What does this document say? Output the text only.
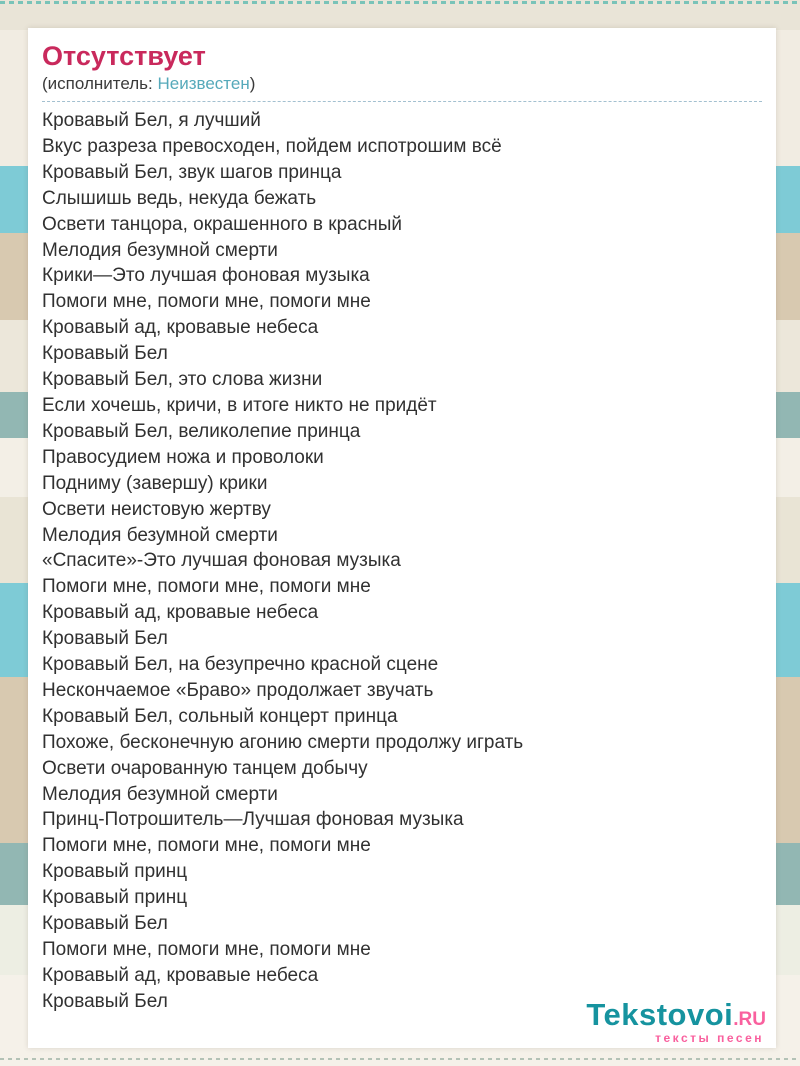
Отсутствует
(исполнитель: Неизвестен)
Кровавый Бел, я лучший
Вкус разреза превосходен, пойдем испотрошим всё
Кровавый Бел, звук шагов принца
Слышишь ведь, некуда бежать
Освети танцора, окрашенного в красный
Мелодия безумной смерти
Крики—Это лучшая фоновая музыка
Помоги мне, помоги мне, помоги мне
Кровавый ад, кровавые небеса
Кровавый Бел
Кровавый Бел, это слова жизни
Если хочешь, кричи, в итоге никто не придёт
Кровавый Бел, великолепие принца
Правосудием ножа и проволоки
Подниму (завершу) крики
Освети неистовую жертву
Мелодия безумной смерти
«Спасите»-Это лучшая фоновая музыка
Помоги мне, помоги мне, помоги мне
Кровавый ад, кровавые небеса
Кровавый Бел
Кровавый Бел, на безупречно красной сцене
Нескончаемое «Браво» продолжает звучать
Кровавый Бел, сольный концерт принца
Похоже, бесконечную агонию смерти продолжу играть
Освети очарованную танцем добычу
Мелодия безумной смерти
Принц-Потрошитель—Лучшая фоновая музыка
Помоги мне, помоги мне, помоги мне
Кровавый принц
Кровавый принц
Кровавый Бел
Помоги мне, помоги мне, помоги мне
Кровавый ад, кровавые небеса
Кровавый Бел	Tekstovoi.RU
тексты песен
